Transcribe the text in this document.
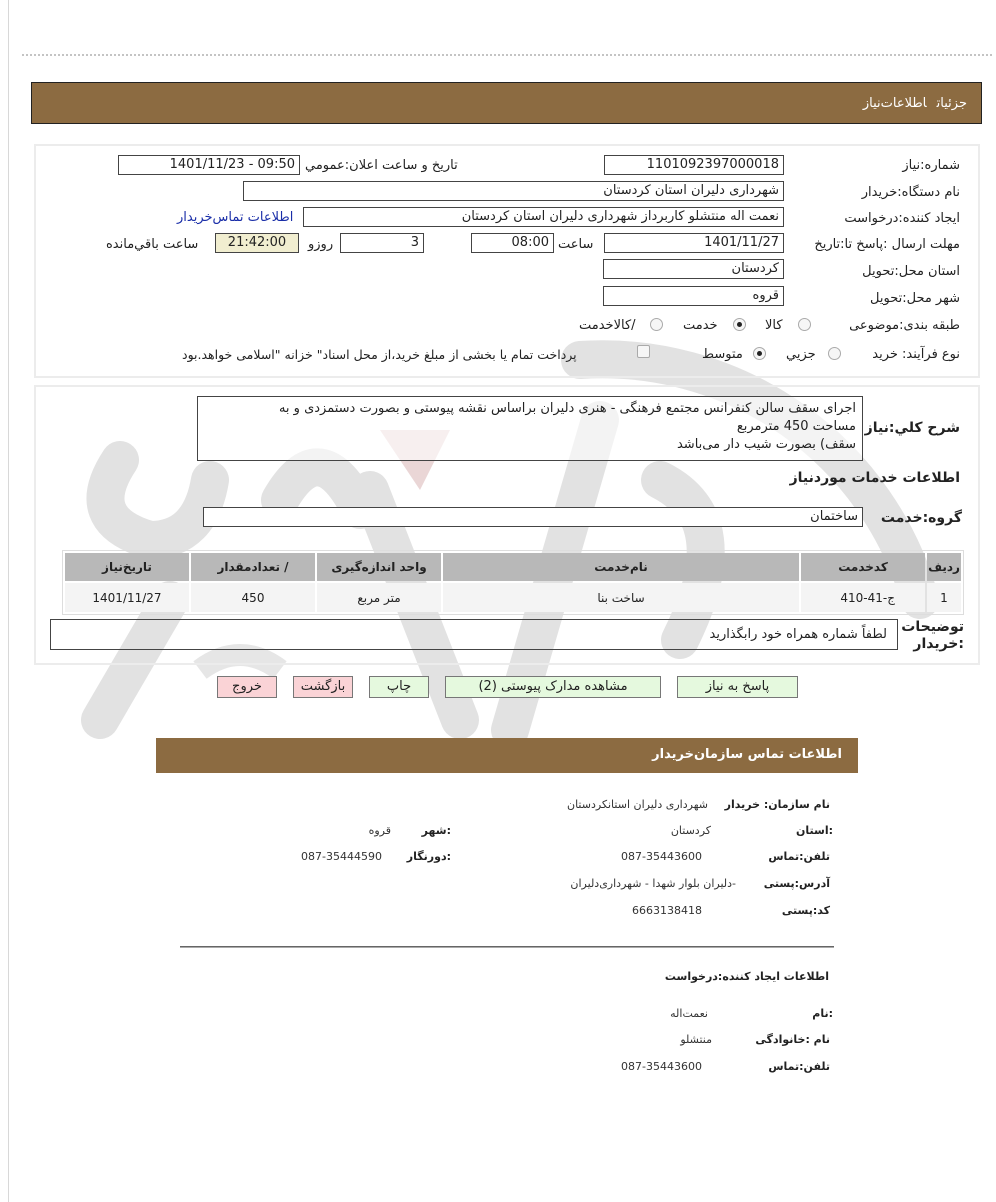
جزئياتاطلاعات‌نياز
شماره:نياز
1101092397000018
تاريخ و ساعت اعلان:عمومي
1401/11/23 - 09:50
نام دستگاه:خريدار
شهرداری دلیران استان کردستان
ايجاد کننده:درخواست
نعمت اله منتشلو کاربرداز شهرداری دلیران استان کردستان
اطلاعات تماس‌خريدار
مهلت ارسال :پاسخ تا:تاريخ
1401/11/27
ساعت
08:00
3
روزو
21:42:00
ساعت باقي‌مانده
استان محل:تحويل
کردستان
شهر محل:تحويل
قروه
طبقه بندی:موضوعی
کالا
خدمت
/کالاخدمت
نوع فرآیند: خريد
جزيي
متوسط
پرداخت تمام يا بخشی از مبلغ خريد،از محل اسناد" خزانه "اسلامی خواهد.بود
شرح کلي:نياز
اجرای سقف سالن کنفرانس مجتمع فرهنگی - هنری دلیران براساس نقشه پیوستی و بصورت دستمزدی و به
مساحت 450 مترمربع
سقف) بصورت شیب دار می‌باشد
اطلاعات خدمات موردنياز
گروه:خدمت
ساختمان
رديف	کدخدمت	نام‌خدمت	واحد اندازه‌گيری	/ تعدادمقدار	تاريخ‌نياز
1	ج-41-410	ساخت بنا	متر مربع	450	1401/11/27
توضيحات
:خريدار
لطفاً شماره همراه خود رابگذارید
پاسخ به نياز
مشاهده مدارک پيوستی (2)
چاپ
بازگشت
خروج
اطلاعات تماس سازمان‌خريدار
نام سازمان: خريدار
شهرداری دلیران استانکردستان
:استان
کردستان
:شهر
قروه
تلفن:تماس
087-35443600
:دورنگار
087-35444590
آدرس:پستی
-دلیران بلوار شهدا - شهرداری‌دلیران
کد:پستی
6663138418
اطلاعات ايجاد کننده:درخواست
:نام
نعمت‌اله
نام :خانوادگی
منتشلو
تلفن:تماس
087-35443600
